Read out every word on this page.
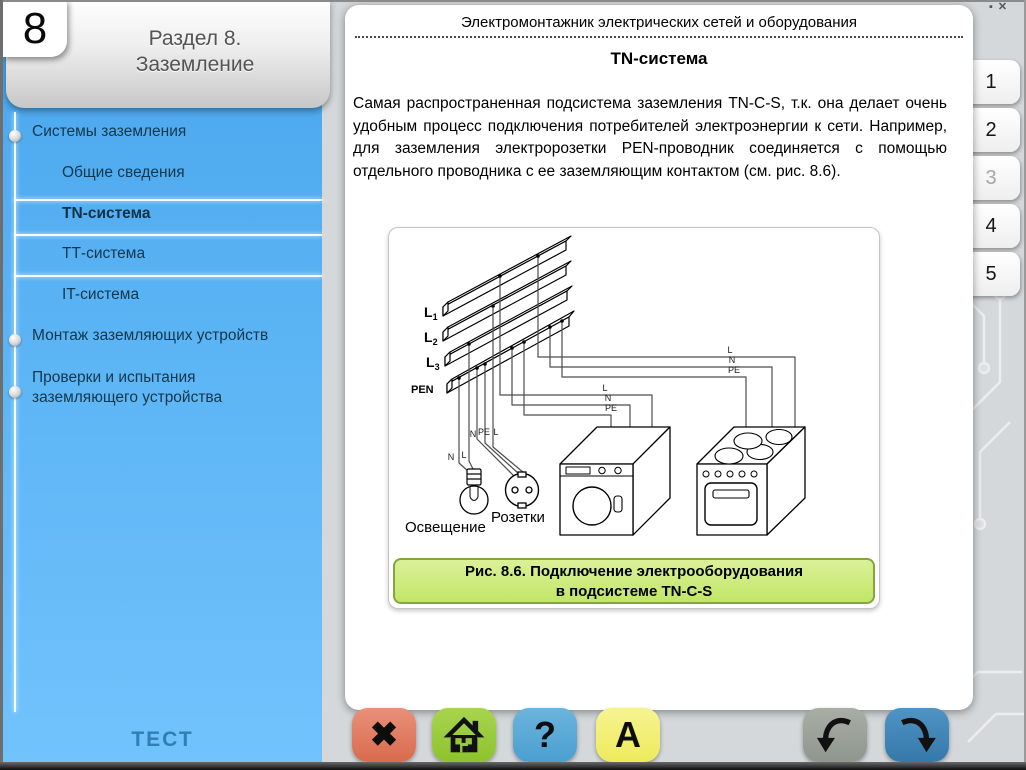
Системы заземления
Общие сведения
TN-система
ТТ-система
IT-система
Монтаж заземляющих устройств
Проверки и испытания заземляющего устройства
ТЕСТ
Раздел 8.
Заземление
8
1
2
3
4
5
Электромонтажник электрических сетей и оборудования
TN-система
Самая распространенная подсистема заземления TN-C-S, т.к. она делает очень удобным процесс подключения потребителей электроэнергии к сети. Например, для заземления электророзетки PEN-проводник соединяется с помощью отдельного проводника с ее заземляющим контактом (см. рис. 8.6).
$L_1$
$L_2$
$L_3$
PEN
N L
N PE L
L
N
PE
L
N
PE
Освещение
Розетки
Рис. 8.6. Подключение электрооборудования
в подсистеме TN-C-S
✖	? A
▪ ✕
